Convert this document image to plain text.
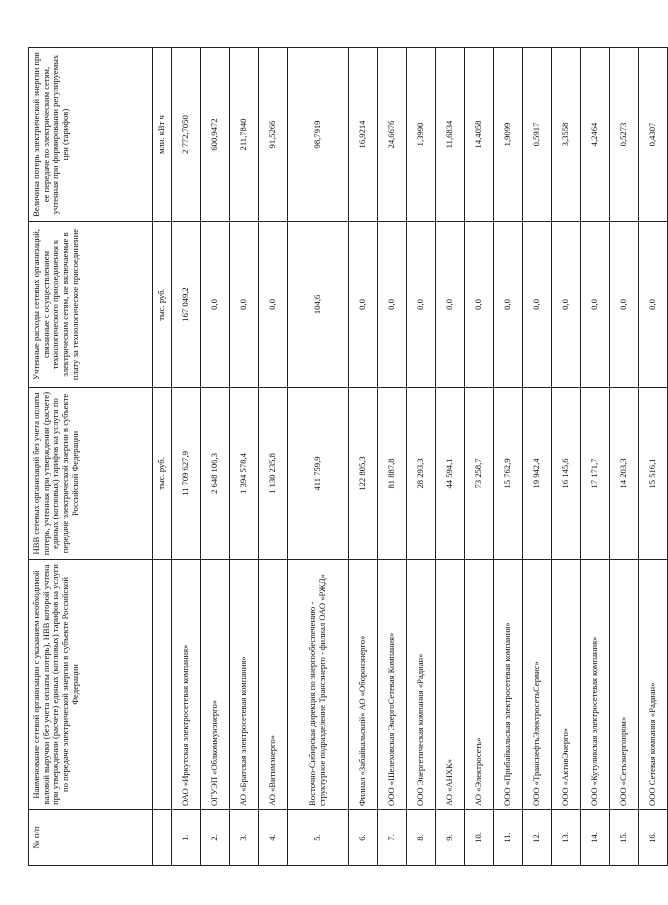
№ п/п	Наименование сетевой организации с указанием необходимой валовой выручки (без учета оплаты потерь), НВВ которой учтена при утверждении (расчете) единых (котловых) тарифов на услуги по передаче электрической энергии в субъекте Российской Федерации	НВВ сетевых организаций без учета оплаты потерь, учтенная при утверждении (расчете) единых (котловых) тарифов на услуги по передаче электрической энергии в субъекте Российской Федерации	Учтенные расходы сетевых организаций, связанные с осуществлением технологического присоединения к электрическим сетям, не включаемые в плату за технологическое присоединение	Величина потерь электрической энергии при ее передаче по электрическим сетям, учтенная при формировании регулируемых цен (тарифов)
		тыс. руб.	тыс. руб.	млн. кВт ч
1.	ОАО «Иркутская электросетевая компания»	11 709 627,9	167 049,2	2 772,7050
2.	ОГУЭП «Облкоммунэнерго»	2 648 106,3	0,0	600,9472
3.	АО «Братская электросетевая компания»	1 394 578,4	0,0	211,7840
4.	АО «Витимэнерго»	1 130 235,8	0,0	91,5266
5.	Восточно-Сибирская дирекция по энергообеспечению - структурное подразделение Трансэнерго - филиал ОАО «РЖД»	411 759,9	104,6	98,7919
6.	Филиал «Забайкальский» АО «Оборонэнерго»	122 805,3	0,0	16,9214
7.	ООО «Шелеховская ЭнергоСетевая Компания»	81 887,8	0,0	24,6676
8.	ООО Энергетическая компания «Радиан»	28 293,3	0,0	1,3990
9.	АО «АНХК»	44 594,1	0,0	11,6834
10.	АО «Электросеть»	73 258,7	0,0	14,4058
11.	ООО «Прибайкальская электросетевая компания»	15 762,9	0,0	1,9099
12.	ООО «ТранснефтьЭлектросетьСервис»	19 942,4	0,0	0,5917
13.	ООО «АктивЭнерго»	16 145,6	0,0	3,3558
14.	ООО «Кутуликская электросетевая компания»	17 171,7	0,0	4,2464
15.	ООО «Сетьэнергопром»	14 203,3	0,0	0,5273
16.	ООО Сетевая компания «Радиан»	15 516,1	0,0	0,4307
